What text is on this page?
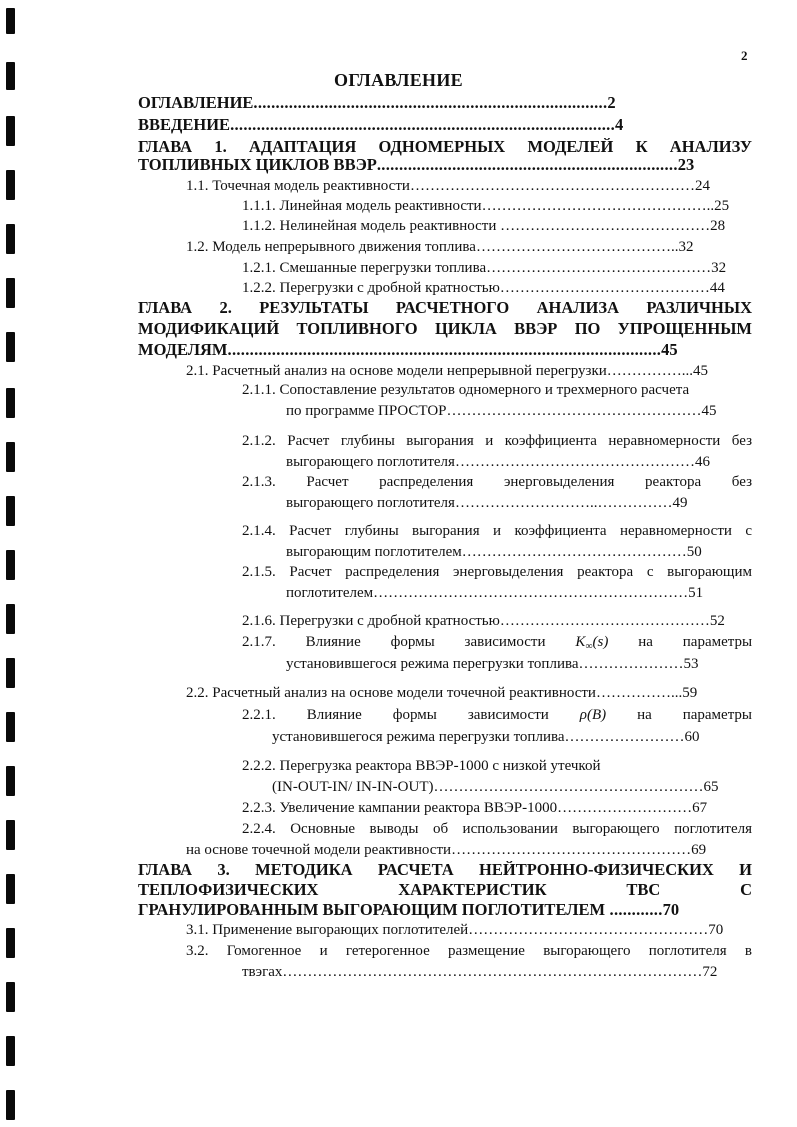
2
ОГЛАВЛЕНИЕ
ОГЛАВЛЕНИЕ................................................................................2
ВВЕДЕНИЕ.......................................................................................4
ГЛАВА 1. АДАПТАЦИЯ ОДНОМЕРНЫХ МОДЕЛЕЙ К АНАЛИЗУ
ТОПЛИВНЫХ ЦИКЛОВ ВВЭР....................................................................23
1.1. Точечная модель реактивности…………………………………………………24
1.1.1. Линейная модель реактивности………………………………………..25
1.1.2. Нелинейная модель реактивности ……………………………………28
1.2. Модель непрерывного движения топлива…………………………………..32
1.2.1. Смешанные перегрузки топлива………………………………………32
1.2.2. Перегрузки с дробной кратностью……………………………………44
ГЛАВА 2. РЕЗУЛЬТАТЫ РАСЧЕТНОГО АНАЛИЗА РАЗЛИЧНЫХ
МОДИФИКАЦИЙ ТОПЛИВНОГО ЦИКЛА ВВЭР ПО УПРОЩЕННЫМ
МОДЕЛЯМ..................................................................................................45
2.1. Расчетный анализ на основе модели непрерывной перегрузки……………...45
2.1.1. Сопоставление результатов одномерного и трехмерного расчета
по программе ПРОСТОР……………………………………………45
2.1.2. Расчет глубины выгорания и коэффициента неравномерности без
выгорающего поглотителя…………………………………………46
2.1.3. Расчет распределения энерговыделения реактора без
выгорающего поглотителя………………………..……………49
2.1.4. Расчет глубины выгорания и коэффициента неравномерности с
выгорающим поглотителем………………………………………50
2.1.5. Расчет распределения энерговыделения реактора с выгорающим
поглотителем………………………………………………………51
2.1.6. Перегрузки с дробной кратностью……………………………………52
2.1.7. Влияние формы зависимости $K_\infty(s)$ на параметры
установившегося режима перегрузки топлива…………………53
2.2. Расчетный анализ на основе модели точечной реактивности……………...59
2.2.1. Влияние формы зависимости ρ(B) на параметры
установившегося режима перегрузки топлива……………………60
2.2.2. Перегрузка реактора ВВЭР-1000 с низкой утечкой
(IN-OUT-IN/ IN-IN-OUT)………………………………………………65
2.2.3. Увеличение кампании реактора ВВЭР-1000………………………67
2.2.4. Основные выводы об использовании выгорающего поглотителя
на основе точечной модели реактивности…………………………………………69
ГЛАВА 3. МЕТОДИКА РАСЧЕТА НЕЙТРОННО-ФИЗИЧЕСКИХ И
ТЕПЛОФИЗИЧЕСКИХ ХАРАКТЕРИСТИК ТВС С
ГРАНУЛИРОВАННЫМ ВЫГОРАЮЩИМ ПОГЛОТИТЕЛЕМ ............70
3.1. Применение выгорающих поглотителей…………………………………………70
3.2. Гомогенное и гетерогенное размещение выгорающего поглотителя в
твэгах…………………………………………………………………………72
